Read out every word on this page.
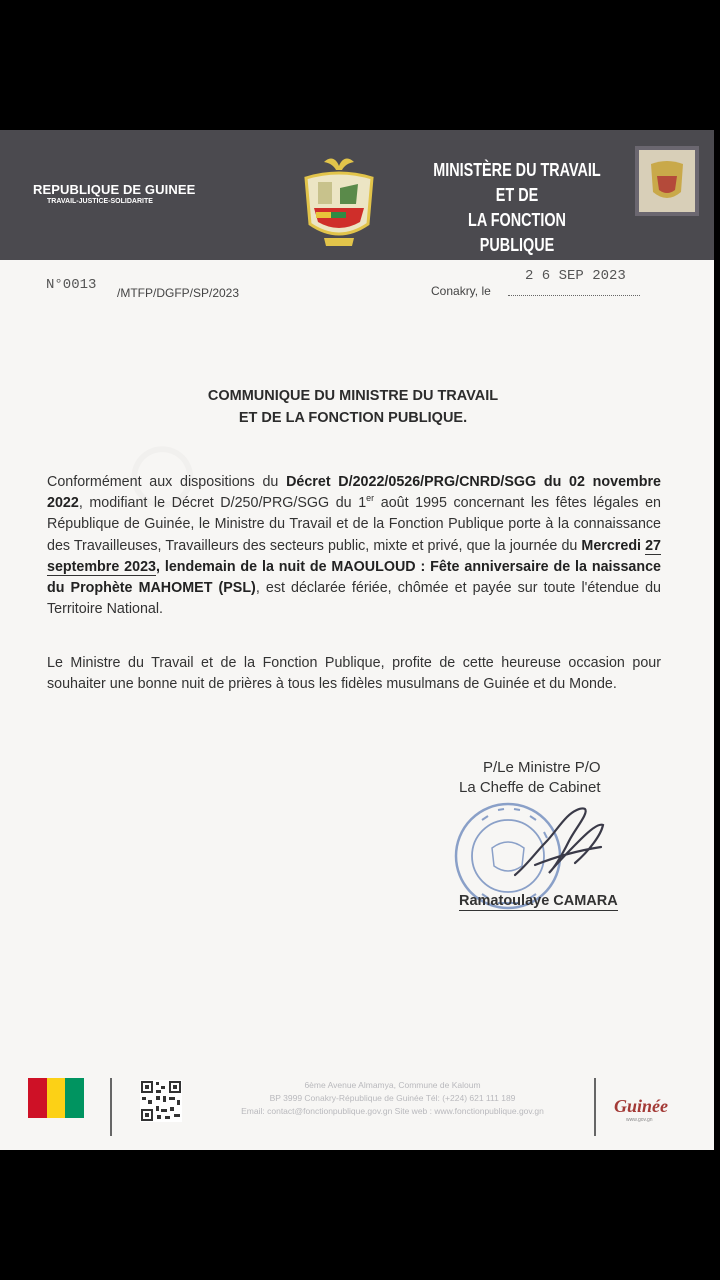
REPUBLIQUE DE GUINEE
TRAVAIL-JUSTICE-SOLIDARITE
MINISTÈRE DU TRAVAIL ET DE
LA FONCTION PUBLIQUE
N°0013 /MTFP/DGFP/SP/2023
2 6 SEP 2023
Conakry, le
COMMUNIQUE DU MINISTRE DU TRAVAIL
ET DE LA FONCTION PUBLIQUE.
Conformément aux dispositions du Décret D/2022/0526/PRG/CNRD/SGG du 02 novembre 2022, modifiant le Décret D/250/PRG/SGG du 1er août 1995 concernant les fêtes légales en République de Guinée, le Ministre du Travail et de la Fonction Publique porte à la connaissance des Travailleuses, Travailleurs des secteurs public, mixte et privé, que la journée du Mercredi 27 septembre 2023, lendemain de la nuit de MAOULOUD : Fête anniversaire de la naissance du Prophète MAHOMET (PSL), est déclarée fériée, chômée et payée sur toute l'étendue du Territoire National.
Le Ministre du Travail et de la Fonction Publique, profite de cette heureuse occasion pour souhaiter une bonne nuit de prières à tous les fidèles musulmans de Guinée et du Monde.
P/Le Ministre P/O
La Cheffe de Cabinet
Ramatoulaye CAMARA
6ème Avenue Almamya, Commune de Kaloum
BP 3999 Conakry-République de Guinée Tél: (+224) 621 111 189
Email: contact@fonctionpublique.gov.gn Site web : www.fonctionpublique.gov.gn	Guinée
www.gov.gn
